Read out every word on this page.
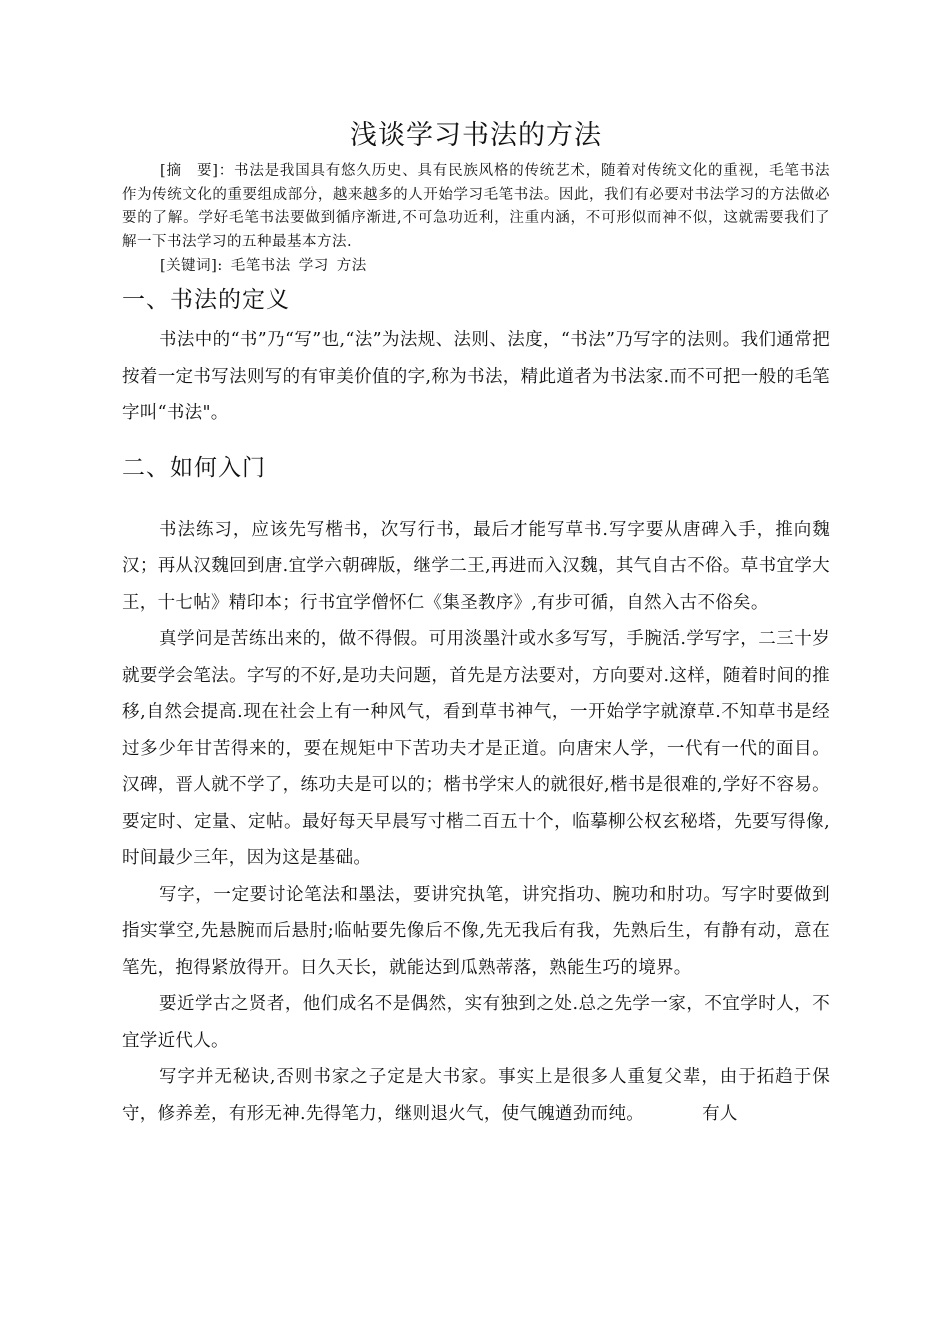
浅谈学习书法的方法

[摘　要]：书法是我国具有悠久历史、具有民族风格的传统艺术，随着对传统文化的重视，毛笔书法作为传统文化的重要组成部分，越来越多的人开始学习毛笔书法。因此，我们有必要对书法学习的方法做必要的了解。学好毛笔书法要做到循序渐进,不可急功近利，注重内涵，不可形似而神不似，这就需要我们了解一下书法学习的五种最基本方法.

[关键词]: 毛笔书法 学习 方法

一、书法的定义

书法中的“书”乃“写”也,“法”为法规、法则、法度，“书法”乃写字的法则。我们通常把按着一定书写法则写的有审美价值的字,称为书法，精此道者为书法家.而不可把一般的毛笔字叫“书法"。

二、如何入门

书法练习，应该先写楷书，次写行书，最后才能写草书.写字要从唐碑入手，推向魏汉；再从汉魏回到唐.宜学六朝碑版，继学二王,再进而入汉魏，其气自古不俗。草书宜学大王，十七帖》精印本；行书宜学僧怀仁《集圣教序》,有步可循，自然入古不俗矣。

真学问是苦练出来的，做不得假。可用淡墨汁或水多写写，手腕活.学写字，二三十岁就要学会笔法。字写的不好,是功夫问题，首先是方法要对，方向要对.这样，随着时间的推移,自然会提高.现在社会上有一种风气，看到草书神气，一开始学字就潦草.不知草书是经过多少年甘苦得来的，要在规矩中下苦功夫才是正道。向唐宋人学，一代有一代的面目。汉碑，晋人就不学了，练功夫是可以的；楷书学宋人的就很好,楷书是很难的,学好不容易。要定时、定量、定帖。最好每天早晨写寸楷二百五十个，临摹柳公权玄秘塔，先要写得像,时间最少三年，因为这是基础。

写字，一定要讨论笔法和墨法，要讲究执笔，讲究指功、腕功和肘功。写字时要做到指实掌空,先悬腕而后悬肘;临帖要先像后不像,先无我后有我，先熟后生，有静有动，意在笔先，抱得紧放得开。日久天长，就能达到瓜熟蒂落，熟能生巧的境界。

要近学古之贤者，他们成名不是偶然，实有独到之处.总之先学一家，不宜学时人，不宜学近代人。

写字并无秘诀,否则书家之子定是大书家。事实上是很多人重复父辈，由于拓趋于保守，修养差，有形无神.先得笔力，继则退火气，使气魄遒劲而纯。	有人
